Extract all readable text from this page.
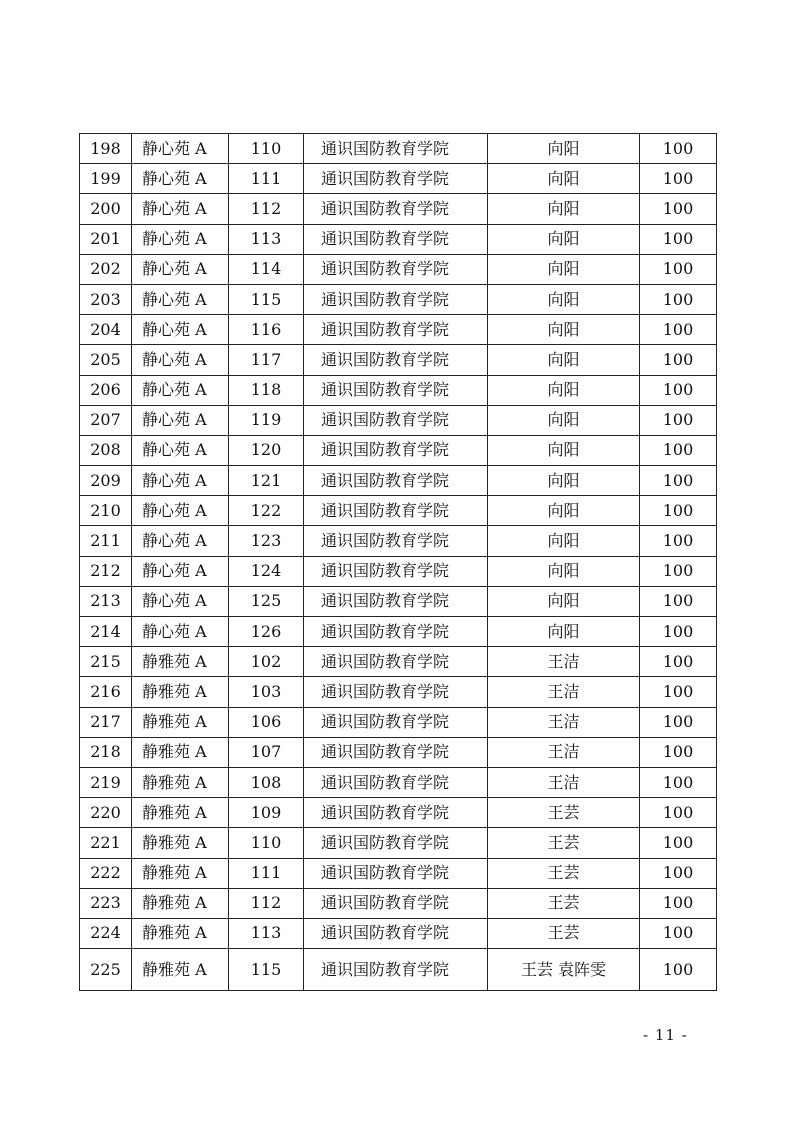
198	静心苑 A	110	通识国防教育学院	向阳	100
199	静心苑 A	111	通识国防教育学院	向阳	100
200	静心苑 A	112	通识国防教育学院	向阳	100
201	静心苑 A	113	通识国防教育学院	向阳	100
202	静心苑 A	114	通识国防教育学院	向阳	100
203	静心苑 A	115	通识国防教育学院	向阳	100
204	静心苑 A	116	通识国防教育学院	向阳	100
205	静心苑 A	117	通识国防教育学院	向阳	100
206	静心苑 A	118	通识国防教育学院	向阳	100
207	静心苑 A	119	通识国防教育学院	向阳	100
208	静心苑 A	120	通识国防教育学院	向阳	100
209	静心苑 A	121	通识国防教育学院	向阳	100
210	静心苑 A	122	通识国防教育学院	向阳	100
211	静心苑 A	123	通识国防教育学院	向阳	100
212	静心苑 A	124	通识国防教育学院	向阳	100
213	静心苑 A	125	通识国防教育学院	向阳	100
214	静心苑 A	126	通识国防教育学院	向阳	100
215	静雅苑 A	102	通识国防教育学院	王洁	100
216	静雅苑 A	103	通识国防教育学院	王洁	100
217	静雅苑 A	106	通识国防教育学院	王洁	100
218	静雅苑 A	107	通识国防教育学院	王洁	100
219	静雅苑 A	108	通识国防教育学院	王洁	100
220	静雅苑 A	109	通识国防教育学院	王芸	100
221	静雅苑 A	110	通识国防教育学院	王芸	100
222	静雅苑 A	111	通识国防教育学院	王芸	100
223	静雅苑 A	112	通识国防教育学院	王芸	100
224	静雅苑 A	113	通识国防教育学院	王芸	100
225	静雅苑 A	115	通识国防教育学院	王芸 袁阵雯	100
- 11 -
